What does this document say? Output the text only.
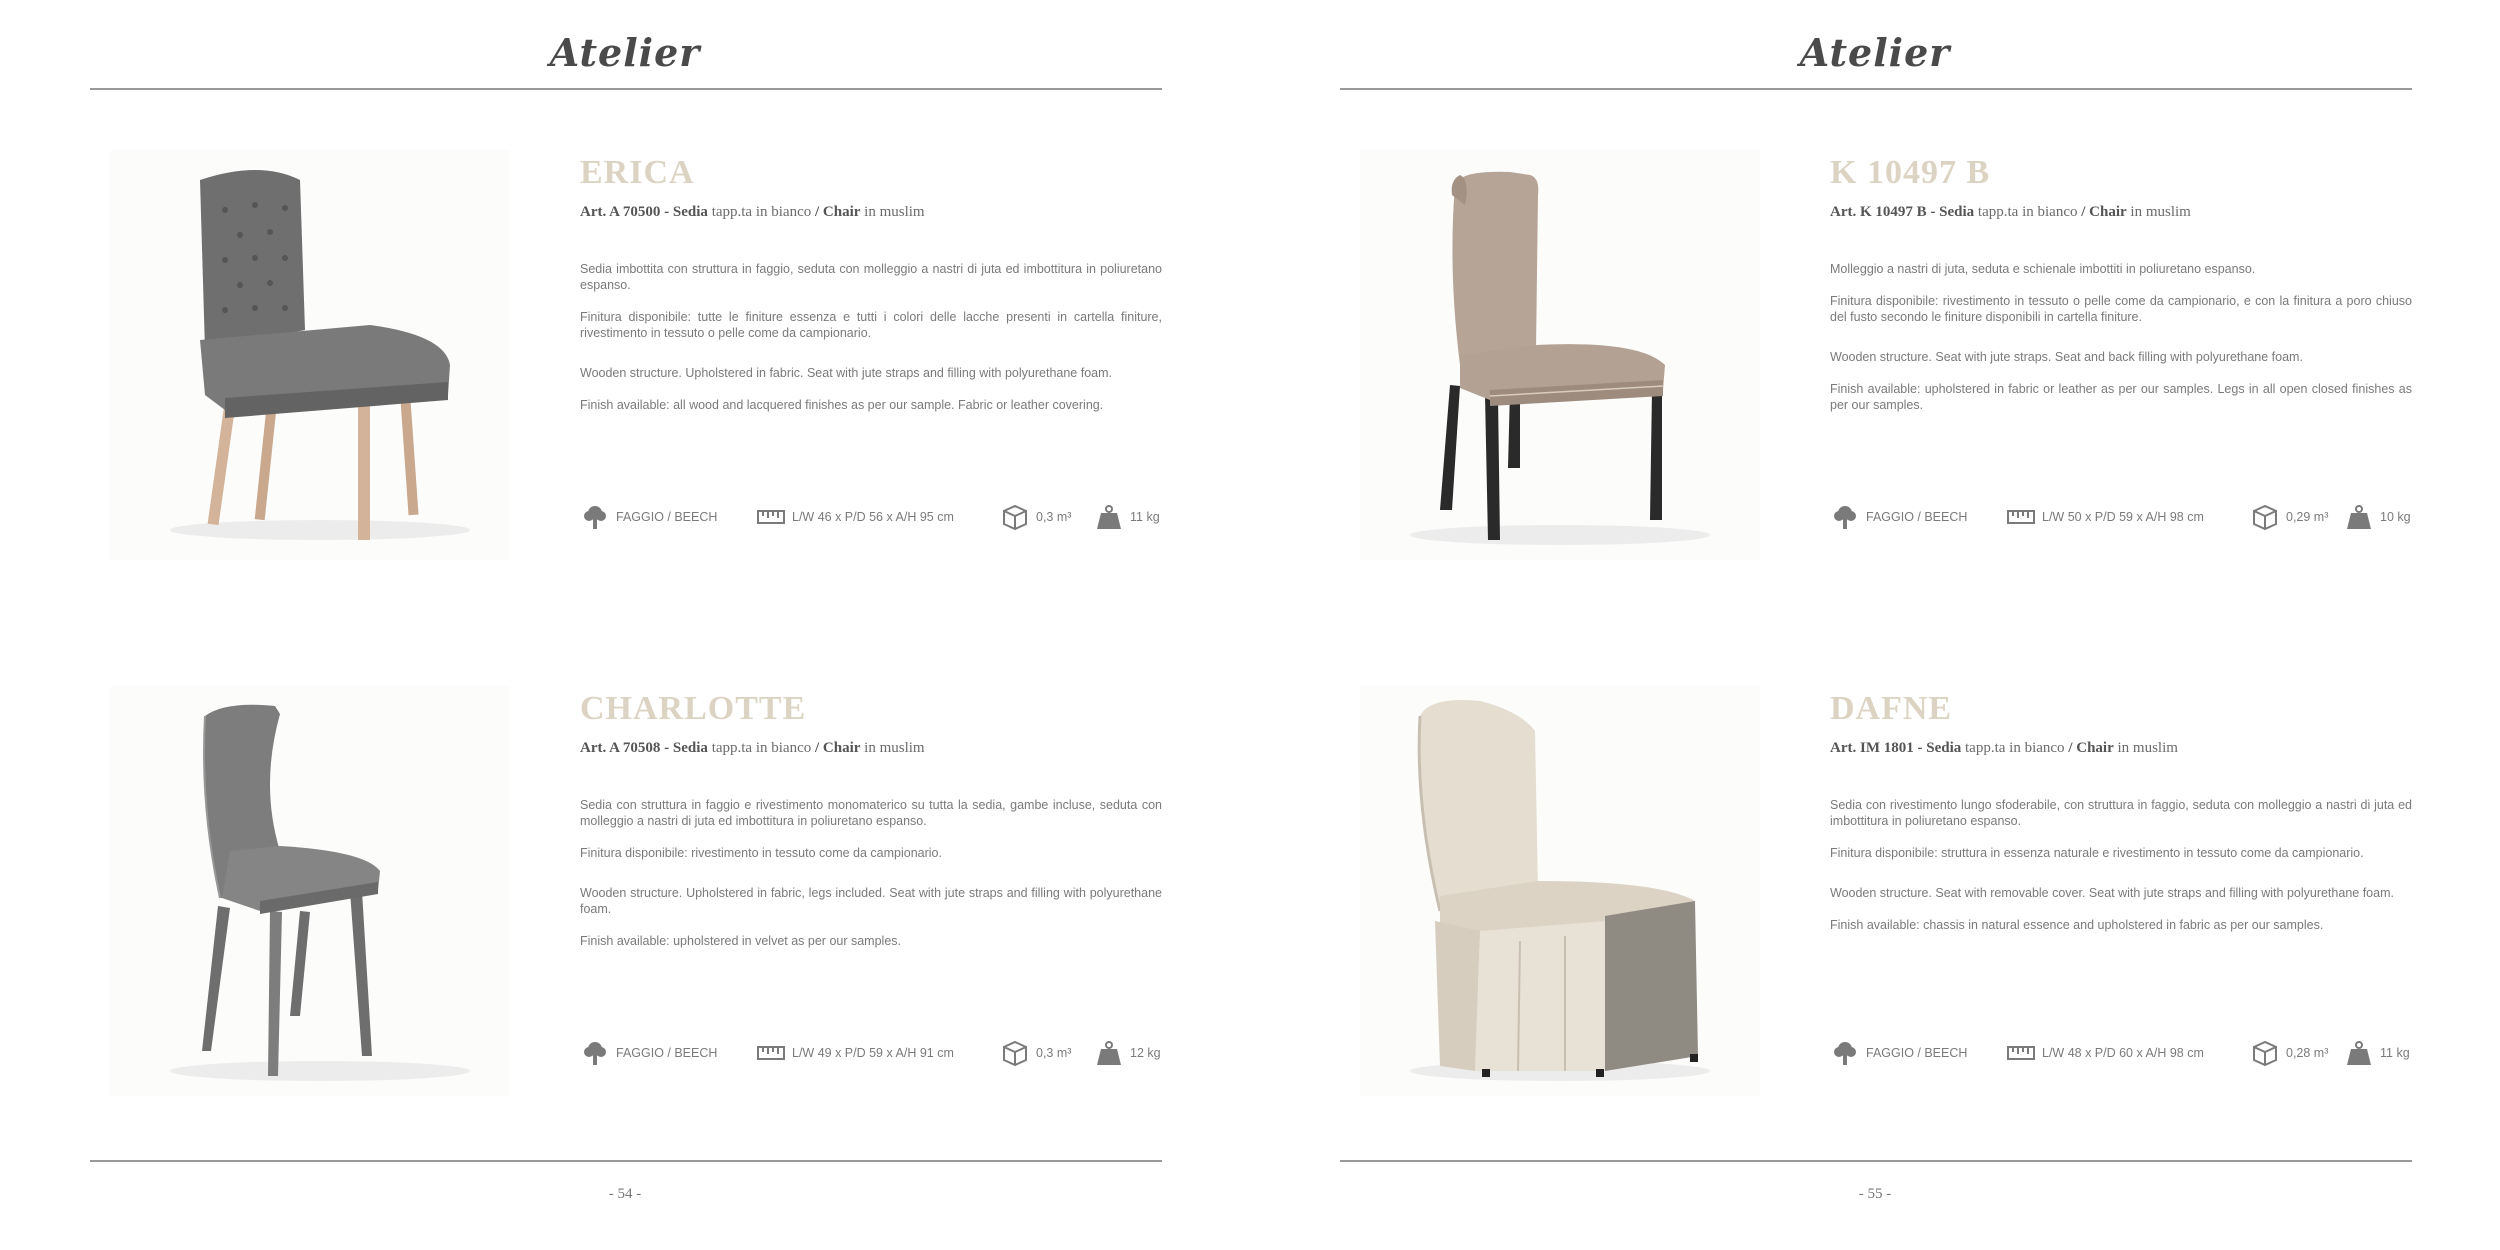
Atelier
ERICA
Art. A 70500 - Sedia tapp.ta in bianco / Chair in muslim

Sedia imbottita con struttura in faggio, seduta con molleggio a nastri di juta ed imbottitura in poliuretano espanso.

Finitura disponibile: tutte le finiture essenza e tutti i colori delle lacche presenti in cartella finiture, rivestimento in tessuto o pelle come da campionario.

Wooden structure. Upholstered in fabric. Seat with jute straps and filling with polyurethane foam.

Finish available: all wood and lacquered finishes as per our sample. Fabric or leather covering.

FAGGIO / BEECH	L/W 46 x P/D 56 x A/H 95 cm	0,3 m³	11 kg
CHARLOTTE
Art. A 70508 - Sedia tapp.ta in bianco / Chair in muslim

Sedia con struttura in faggio e rivestimento monomaterico su tutta la sedia, gambe incluse, seduta con molleggio a nastri di juta ed imbottitura in poliuretano espanso.

Finitura disponibile: rivestimento in tessuto come da campionario.

Wooden structure. Upholstered in fabric, legs included. Seat with jute straps and filling with polyurethane foam.

Finish available: upholstered in velvet as per our samples.

FAGGIO / BEECH	L/W 49 x P/D 59 x A/H 91 cm	0,3 m³	12 kg
- 54 -
Atelier
K 10497 B
Art. K 10497 B - Sedia tapp.ta in bianco / Chair in muslim

Molleggio a nastri di juta, seduta e schienale imbottiti in poliuretano espanso.

Finitura disponibile: rivestimento in tessuto o pelle come da campionario, e con la finitura a poro chiuso del fusto secondo le finiture disponibili in cartella finiture.

Wooden structure. Seat with jute straps. Seat and back filling with polyurethane foam.

Finish available: upholstered in fabric or leather as per our samples. Legs in all open closed finishes as per our samples.

FAGGIO / BEECH	L/W 50 x P/D 59 x A/H 98 cm	0,29 m³	10 kg
DAFNE
Art. IM 1801 - Sedia tapp.ta in bianco / Chair in muslim

Sedia con rivestimento lungo sfoderabile, con struttura in faggio, seduta con molleggio a nastri di juta ed imbottitura in poliuretano espanso.

Finitura disponibile: struttura in essenza naturale e rivestimento in tessuto come da campionario.

Wooden structure. Seat with removable cover. Seat with jute straps and filling with polyurethane foam.

Finish available: chassis in natural essence and upholstered in fabric as per our samples.

FAGGIO / BEECH	L/W 48 x P/D 60 x A/H 98 cm	0,28 m³	11 kg
- 55 -
